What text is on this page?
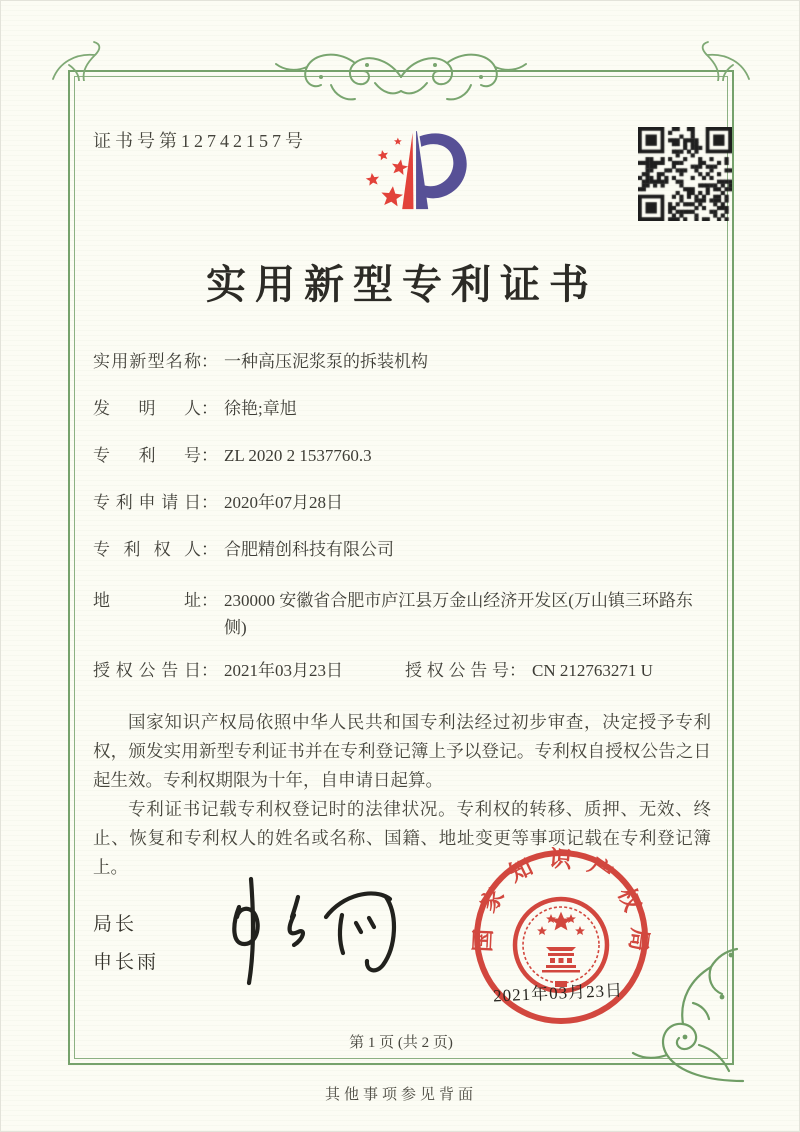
证书号第12742157号
实用新型专利证书
实用新型名称 ： 一种高压泥浆泵的拆装机构
发明人 ： 徐艳;章旭
专利号 ： ZL 2020 2 1537760.3
专利申请日 ： 2020年07月28日
专利权人 ： 合肥精创科技有限公司
地址 ： 230000 安徽省合肥市庐江县万金山经济开发区(万山镇三环路东侧)
授权公告日 ： 2021年03月23日	授权公告号 ： CN 212763271 U

国家知识产权局依照中华人民共和国专利法经过初步审查，决定授予专利权，颁发实用新型专利证书并在专利登记簿上予以登记。专利权自授权公告之日起生效。专利权期限为十年，自申请日起算。

专利证书记载专利权登记时的法律状况。专利权的转移、质押、无效、终止、恢复和专利权人的姓名或名称、国籍、地址变更等事项记载在专利登记簿上。

局长
申长雨
国家知识产权局
2021年03月23日
第 1 页 (共 2 页)
其他事项参见背面
